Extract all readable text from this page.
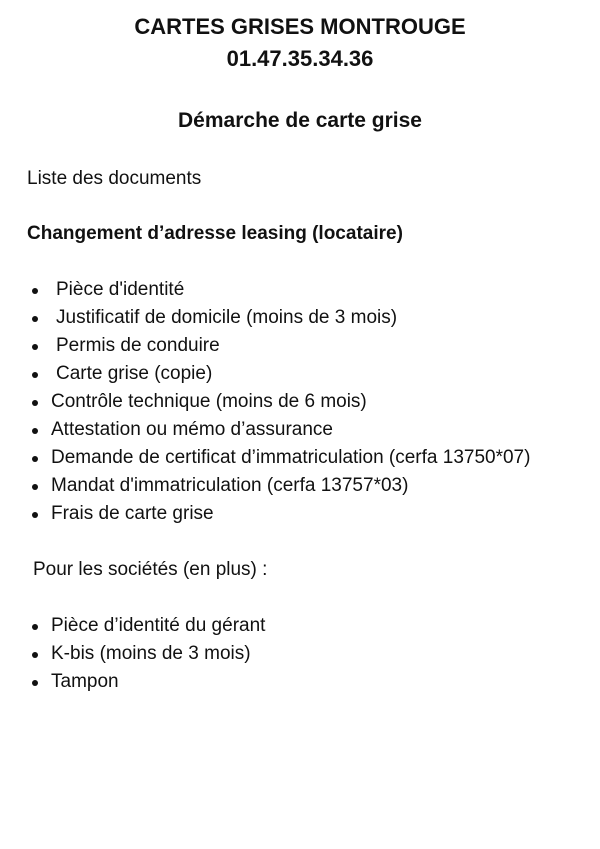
CARTES GRISES MONTROUGE
01.47.35.34.36
Démarche de carte grise
Liste des documents
Changement d’adresse leasing (locataire)
Pièce d'identité
Justificatif de domicile (moins de 3 mois)
Permis de conduire
Carte grise (copie)
Contrôle technique (moins de 6 mois)
Attestation ou mémo d’assurance
Demande de certificat d’immatriculation (cerfa 13750*07)
Mandat d'immatriculation (cerfa 13757*03)
Frais de carte grise
Pour les sociétés (en plus) :
Pièce d’identité du gérant
K-bis (moins de 3 mois)
Tampon
